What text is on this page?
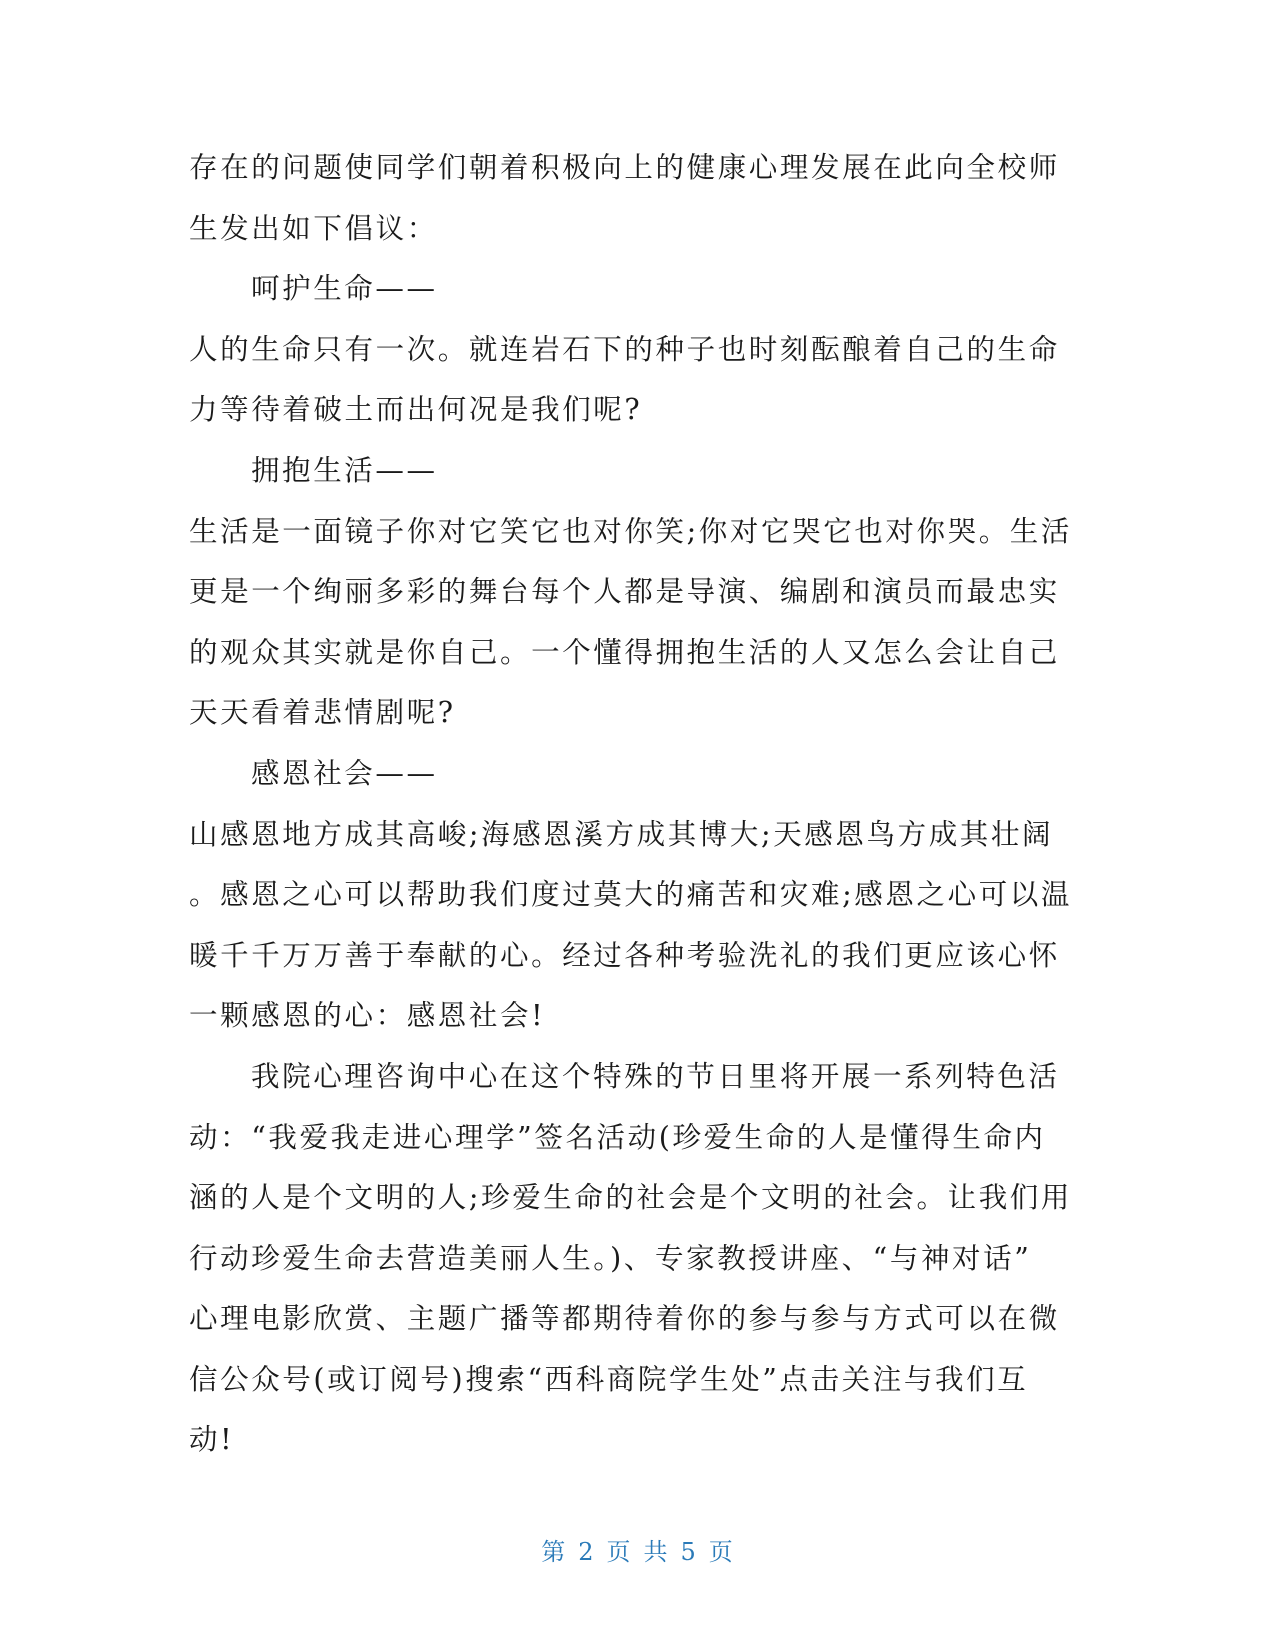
存在的问题使同学们朝着积极向上的健康心理发展在此向全校师
生发出如下倡议：
呵护生命——
人的生命只有一次。就连岩石下的种子也时刻酝酿着自己的生命
力等待着破土而出何况是我们呢?
拥抱生活——
生活是一面镜子你对它笑它也对你笑;你对它哭它也对你哭。生活
更是一个绚丽多彩的舞台每个人都是导演、编剧和演员而最忠实
的观众其实就是你自己。一个懂得拥抱生活的人又怎么会让自己
天天看着悲情剧呢?
感恩社会——
山感恩地方成其高峻;海感恩溪方成其博大;天感恩鸟方成其壮阔
。感恩之心可以帮助我们度过莫大的痛苦和灾难;感恩之心可以温
暖千千万万善于奉献的心。经过各种考验洗礼的我们更应该心怀
一颗感恩的心：感恩社会!
我院心理咨询中心在这个特殊的节日里将开展一系列特色活
动：“我爱我走进心理学”签名活动(珍爱生命的人是懂得生命内
涵的人是个文明的人;珍爱生命的社会是个文明的社会。让我们用
行动珍爱生命去营造美丽人生。)、专家教授讲座、“与神对话”
心理电影欣赏、主题广播等都期待着你的参与参与方式可以在微
信公众号(或订阅号)搜索“西科商院学生处”点击关注与我们互
动!
第 2 页 共 5 页
